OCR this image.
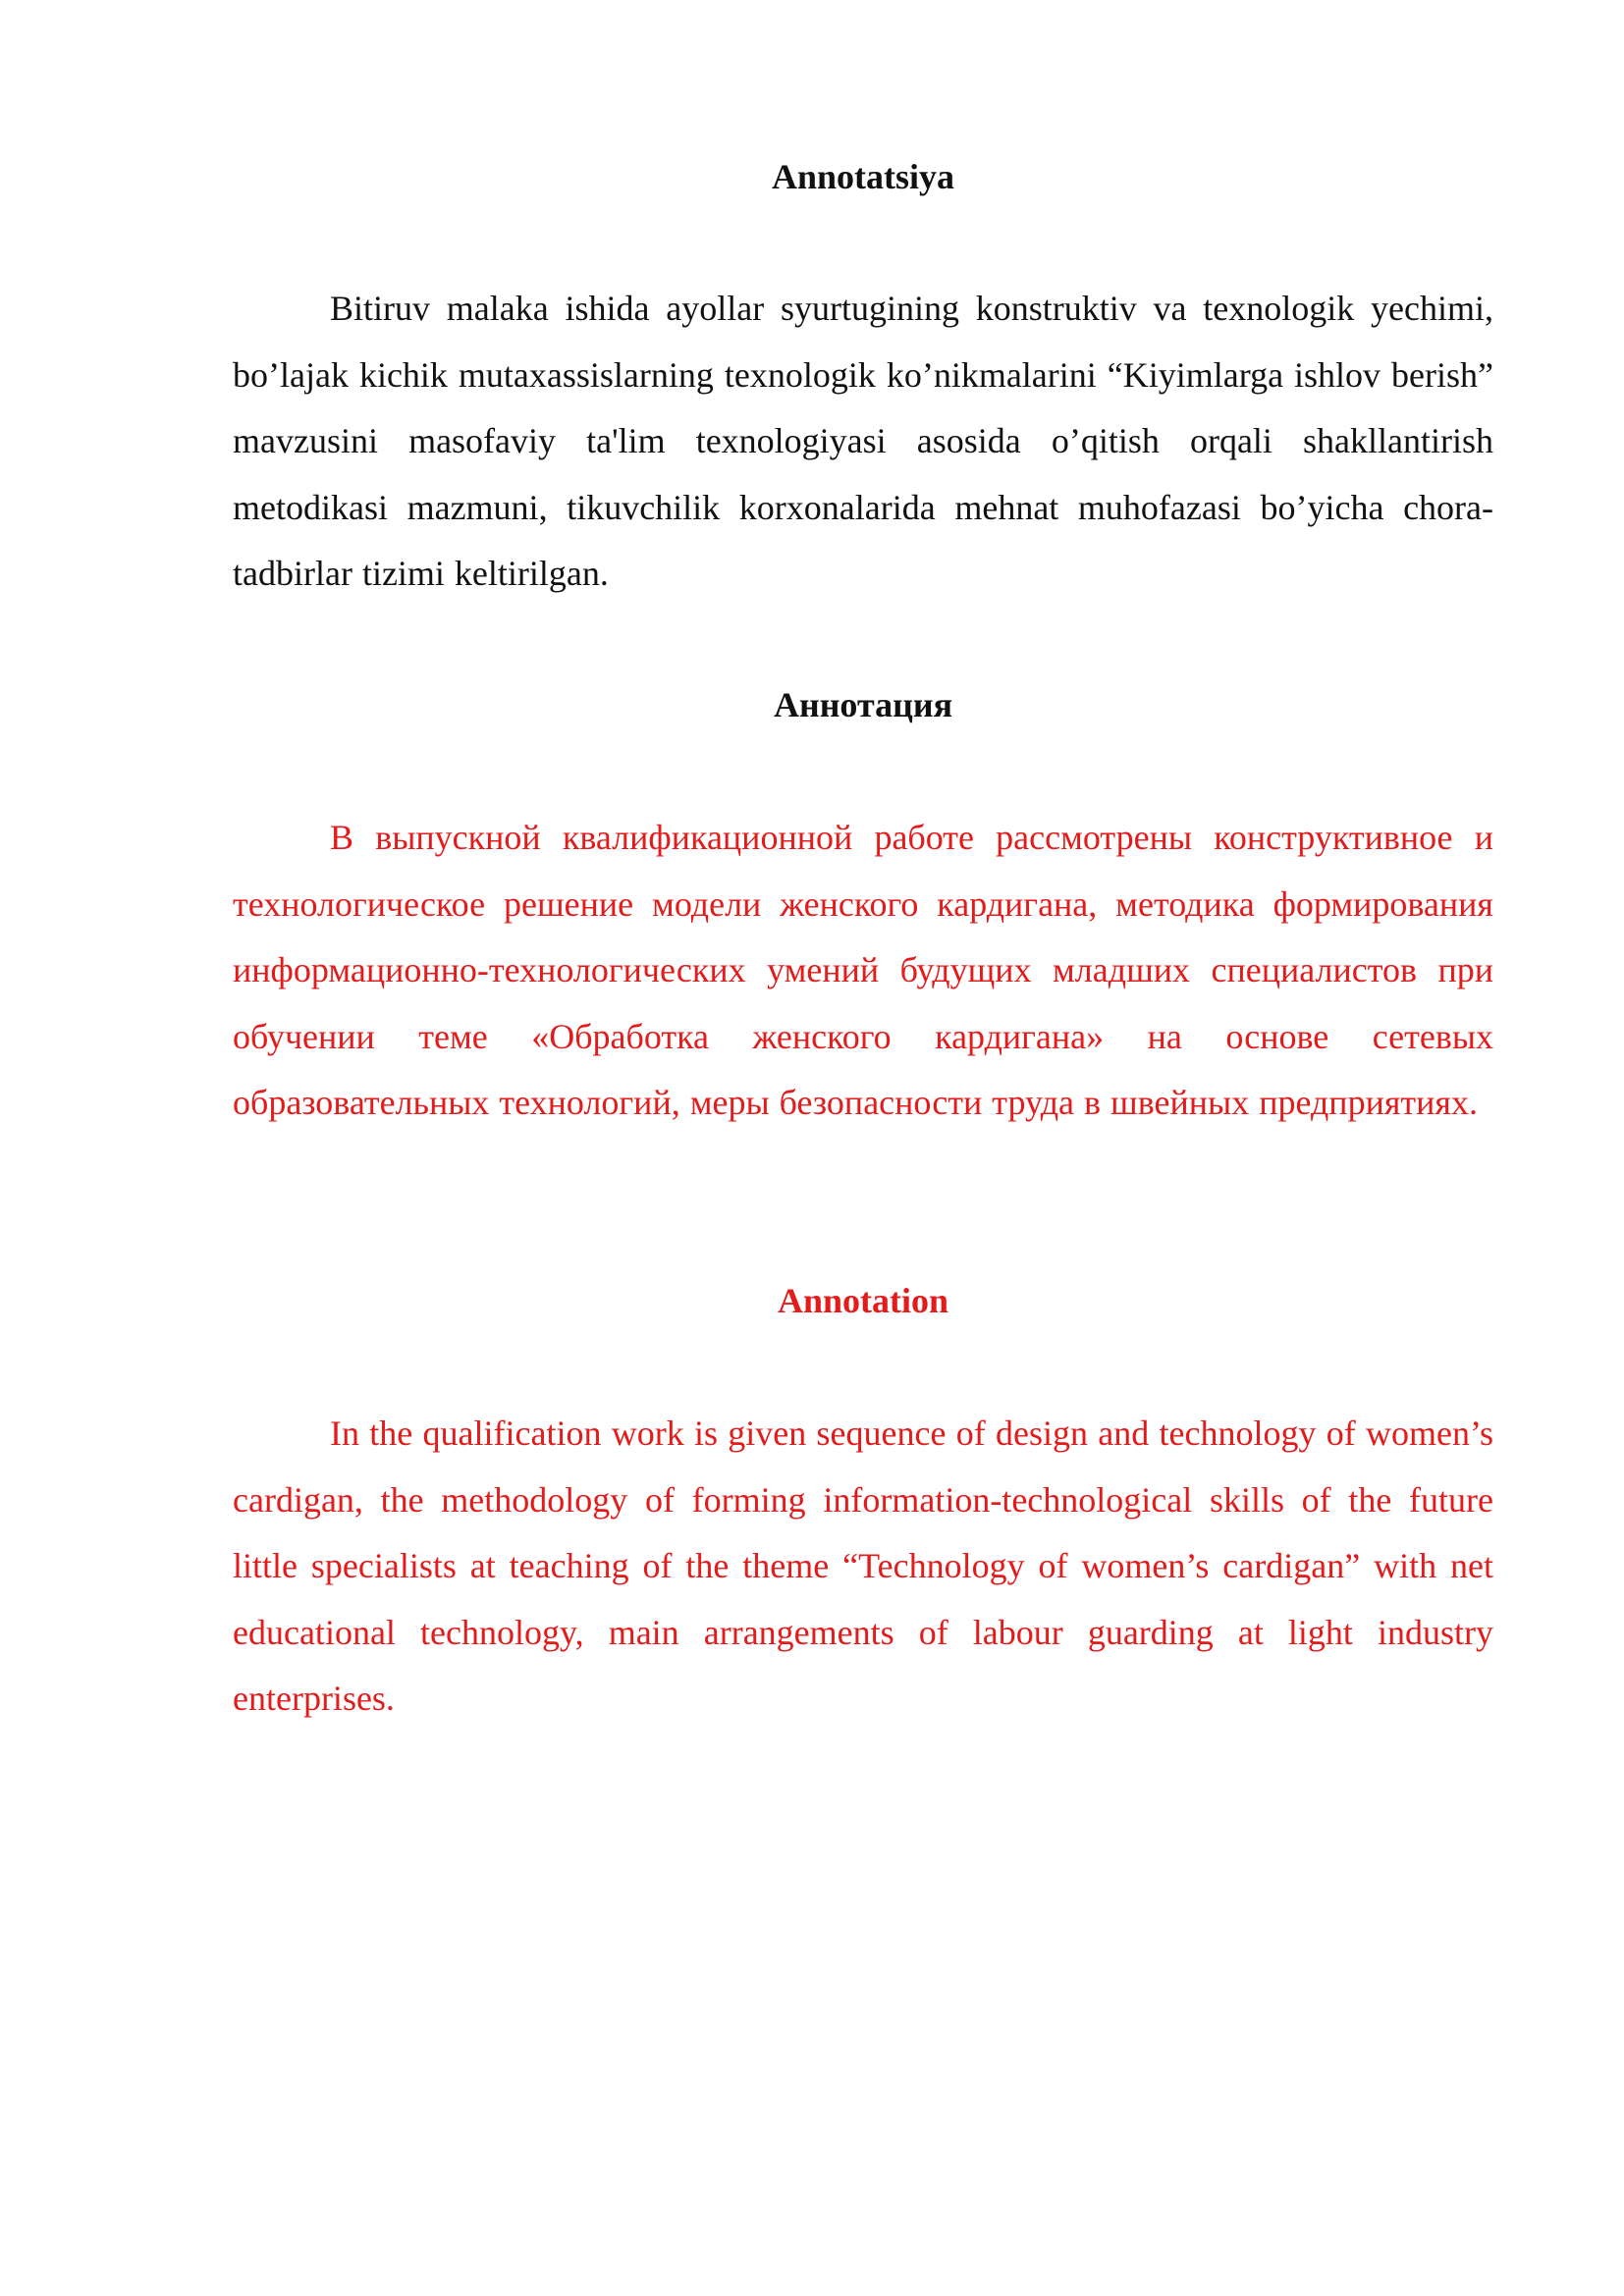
Annotatsiya

Bitiruv malaka ishida ayollar syurtugining konstruktiv va texnologik yechimi, bo’lajak kichik mutaxassislarning texnologik ko’nikmalarini “Kiyimlarga ishlov berish” mavzusini masofaviy ta'lim texnologiyasi asosida o’qitish orqali shakllantirish metodikasi mazmuni, tikuvchilik korxonalarida mehnat muhofazasi bo’yicha chora-tadbirlar tizimi keltirilgan.

Аннотация

В выпускной квалификационной работе рассмотрены конструктивное и технологическое решение модели женского кардигана, методика формирования информационно-технологических умений будущих младших специалистов при обучении теме «Обработка женского кардигана» на основе сетевых образовательных технологий, меры безопасности труда в швейных предприятиях.

Annotation

In the qualification work is given sequence of design and technology of women’s cardigan, the methodology of forming information-technological skills of the future little specialists at teaching of the theme “Technology of women’s cardigan” with net educational technology, main arrangements of labour guarding at light industry enterprises.
